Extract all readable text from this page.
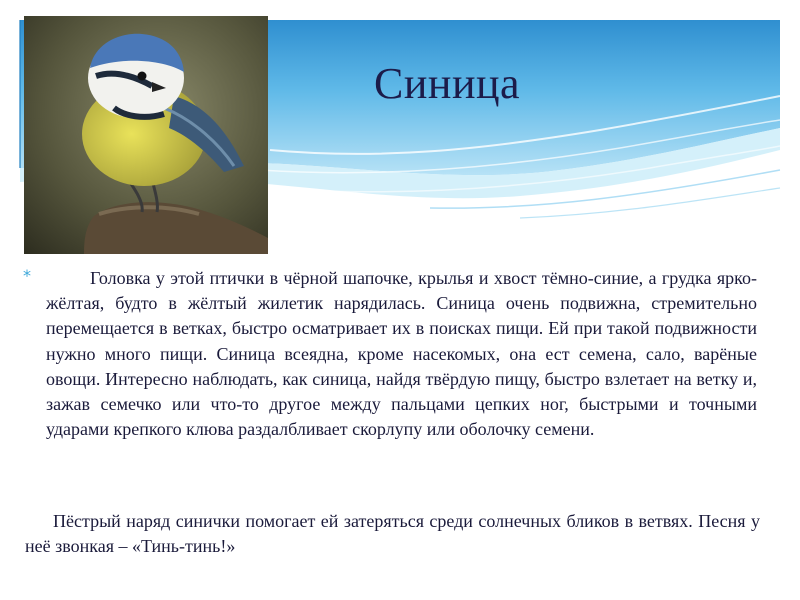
Синица
*	Головка у этой птички в чёрной шапочке, крылья и хвост тёмно-синие, а грудка ярко-жёлтая, будто в жёлтый жилетик нарядилась. Синица очень подвижна, стремительно перемещается в ветках, быстро осматривает их в поисках пищи. Ей при такой подвижности нужно много пищи. Синица всеядна, кроме насекомых, она ест семена, сало, варёные овощи. Интересно наблюдать, как синица, найдя твёрдую пищу, быстро взлетает на ветку и, зажав семечко или что-то другое между пальцами цепких ног, быстрыми и точными ударами крепкого клюва раздалбливает скорлупу или оболочку семени.

Пёстрый наряд синички помогает ей затеряться среди солнечных бликов в ветвях. Песня у неё звонкая – «Тинь-тинь!»
